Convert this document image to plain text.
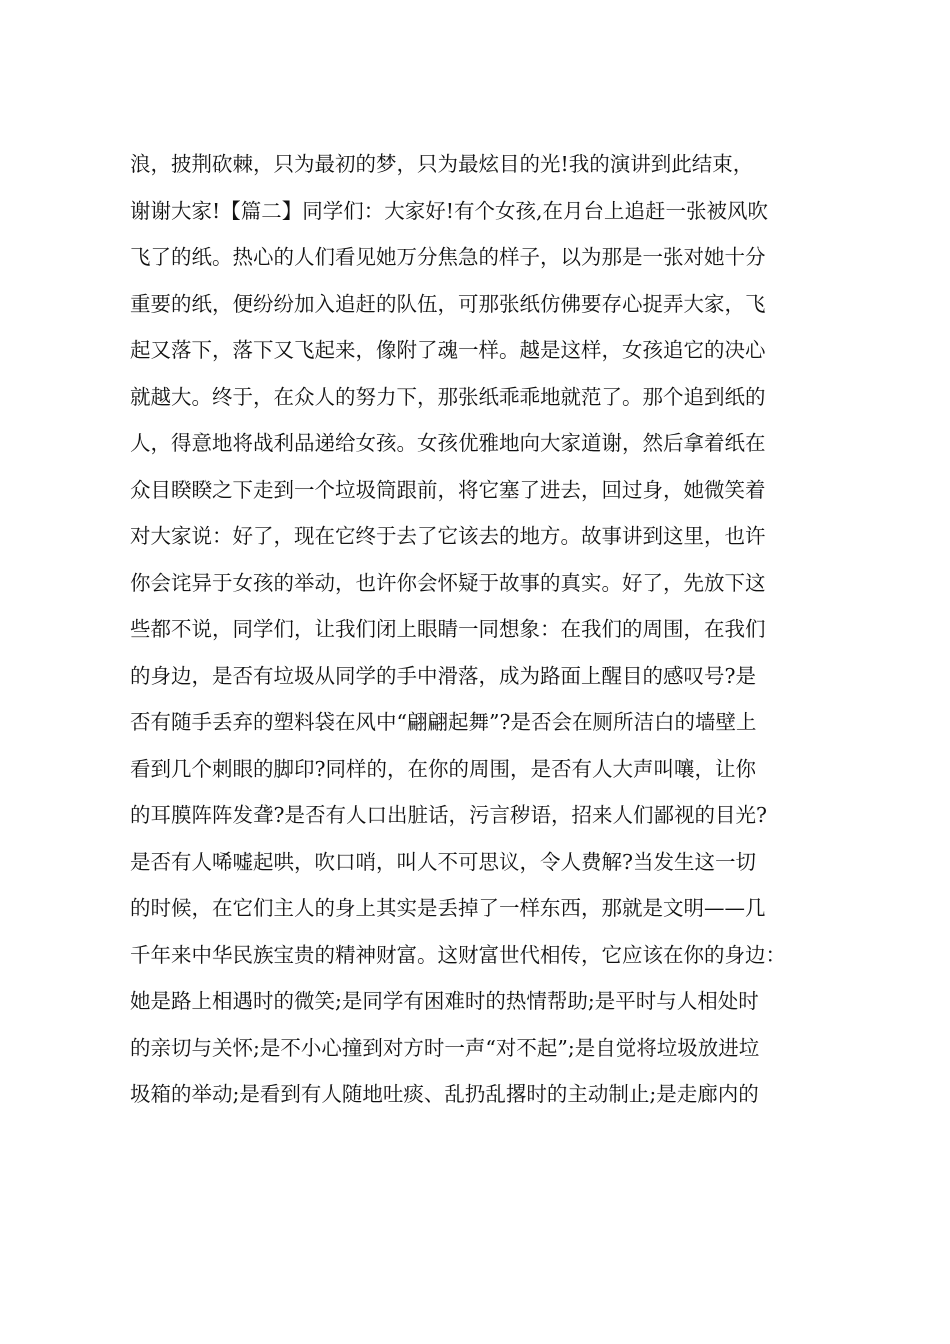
浪，披荆砍棘，只为最初的梦，只为最炫目的光!我的演讲到此结束，
谢谢大家!【篇二】同学们：大家好!有个女孩,在月台上追赶一张被风吹
飞了的纸。热心的人们看见她万分焦急的样子，以为那是一张对她十分
重要的纸，便纷纷加入追赶的队伍，可那张纸仿佛要存心捉弄大家，飞
起又落下，落下又飞起来，像附了魂一样。越是这样，女孩追它的决心
就越大。终于，在众人的努力下，那张纸乖乖地就范了。那个追到纸的
人，得意地将战利品递给女孩。女孩优雅地向大家道谢，然后拿着纸在
众目睽睽之下走到一个垃圾筒跟前，将它塞了进去，回过身，她微笑着
对大家说：好了，现在它终于去了它该去的地方。故事讲到这里，也许
你会诧异于女孩的举动，也许你会怀疑于故事的真实。好了，先放下这
些都不说，同学们，让我们闭上眼睛一同想象：在我们的周围，在我们
的身边，是否有垃圾从同学的手中滑落，成为路面上醒目的感叹号?是
否有随手丢弃的塑料袋在风中“翩翩起舞”?是否会在厕所洁白的墙壁上
看到几个刺眼的脚印?同样的，在你的周围，是否有人大声叫嚷，让你
的耳膜阵阵发聋?是否有人口出脏话，污言秽语，招来人们鄙视的目光?
是否有人唏嘘起哄，吹口哨，叫人不可思议，令人费解?当发生这一切
的时候，在它们主人的身上其实是丢掉了一样东西，那就是文明——几
千年来中华民族宝贵的精神财富。这财富世代相传，它应该在你的身边：
她是路上相遇时的微笑;是同学有困难时的热情帮助;是平时与人相处时
的亲切与关怀;是不小心撞到对方时一声“对不起”;是自觉将垃圾放进垃
圾箱的举动;是看到有人随地吐痰、乱扔乱撂时的主动制止;是走廊内的
